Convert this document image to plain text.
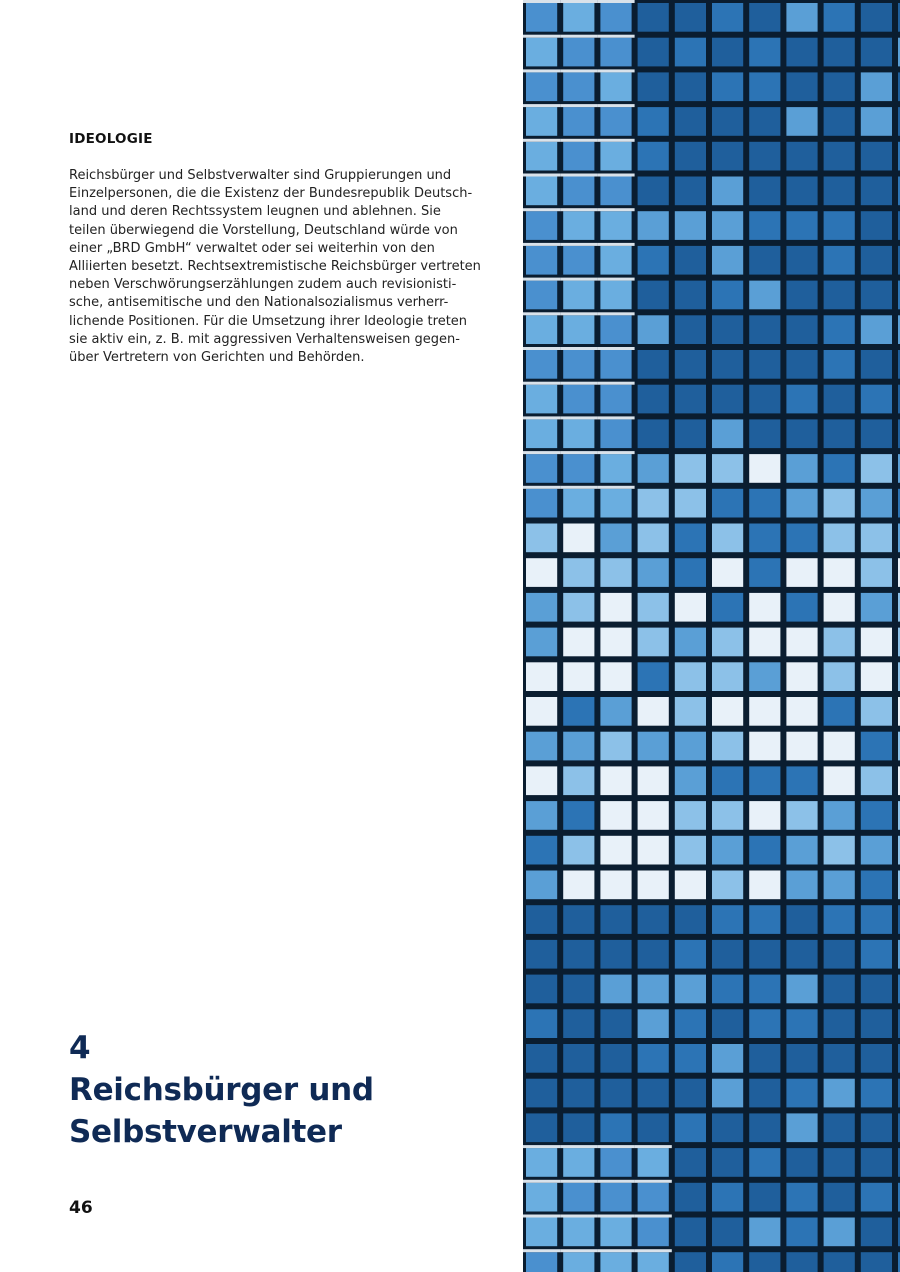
IDEOLOGIE
Reichsbürger und Selbstverwalter sind Gruppierungen und
Einzelpersonen, die die Existenz der Bundesrepublik Deutsch-
land und deren Rechtssystem leugnen und ablehnen. Sie
teilen überwiegend die Vorstellung, Deutschland würde von
einer „BRD GmbH“ verwaltet oder sei weiterhin von den
Alliierten besetzt. Rechtsextremistische Reichsbürger vertreten
neben Verschwörungserzählungen zudem auch revisionisti-
sche, antisemitische und den Nationalsozialismus verherr-
lichende Positionen. Für die Umsetzung ihrer Ideologie treten
sie aktiv ein, z. B. mit aggressiven Verhaltensweisen gegen-
über Vertretern von Gerichten und Behörden.
4
Reichsbürger und
Selbstverwalter
46
